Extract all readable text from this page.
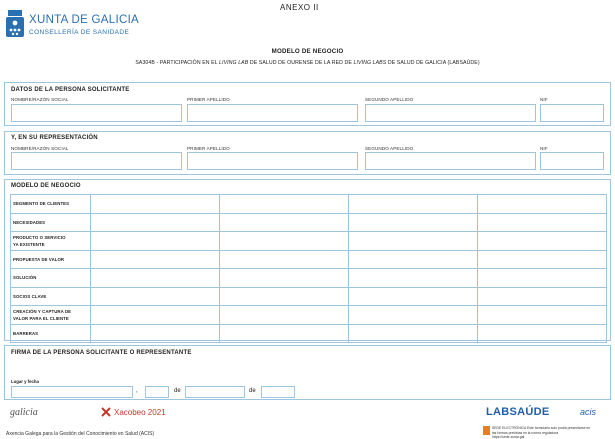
XUNTA DE GALICIA
CONSELLERÍA DE SANIDADE
ANEXO II
MODELO DE NEGOCIO
SA304B - PARTICIPACIÓN EN EL LIVING LAB DE SALUD DE OURENSE DE LA RED DE LIVING LABS DE SALUD DE GALICIA (LABSAÚDE)
DATOS DE LA PERSONA SOLICITANTE
NOMBRE/RAZÓN SOCIAL	PRIMER APELLIDO	SEGUNDO APELLIDO	NIF
Y, EN SU REPRESENTACIÓN
NOMBRE/RAZÓN SOCIAL	PRIMER APELLIDO	SEGUNDO APELLIDO	NIF
MODELO DE NEGOCIO
SEGMENTO DE CLIENTES				

NECESIDADES				

PRODUCTO O SERVICIO
YA EXISTENTE				

PROPUESTA DE VALOR				

SOLUCIÓN				

SOCIOS CLAVE				

CREACIÓN Y CAPTURA DE
VALOR PARA EL CLIENTE				

BARRERAS				

FIRMA DE LA PERSONA SOLICITANTE O REPRESENTANTE
Lugar y fecha
,	de	de
galicia	Xacobeo 2021	LABSAÚDE	acis
Axencia Galega para la Gestión del Conocimiento en Salud (ACIS)
SEDE ELECTRÓNICA Este formulario solo podrá presentarse en
las formas previstas en la norma reguladora
https://sede.xunta.gal
